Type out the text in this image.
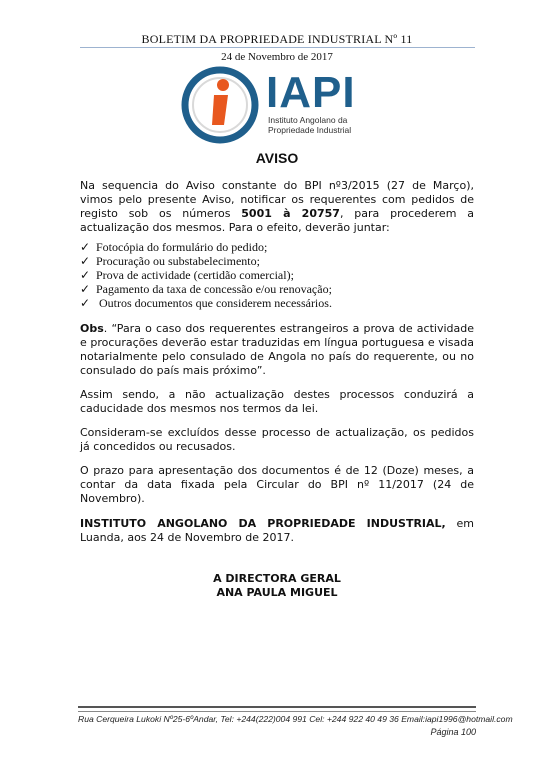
BOLETIM DA PROPRIEDADE INDUSTRIAL Nº 11
24 de Novembro de 2017
IAPI
Instituto Angolano da
Propriedade Industrial
AVISO
Na sequencia do Aviso constante do BPI nº3/2015 (27 de Março), vimos pelo presente Aviso, notificar os requerentes com pedidos de registo sob os números 5001 à 20757, para procederem a actualização dos mesmos. Para o efeito, deverão juntar:
✓ Fotocópia do formulário do pedido;
✓ Procuração ou substabelecimento;
✓ Prova de actividade (certidão comercial);
✓ Pagamento da taxa de concessão e/ou renovação;
✓ Outros documentos que considerem necessários.
Obs. “Para o caso dos requerentes estrangeiros a prova de actividade e procurações deverão estar traduzidas em língua portuguesa e visada notarialmente pelo consulado de Angola no país do requerente, ou no consulado do país mais próximo”.
Assim sendo, a não actualização destes processos conduzirá a caducidade dos mesmos nos termos da lei.
Consideram-se excluídos desse processo de actualização, os pedidos já concedidos ou recusados.
O prazo para apresentação dos documentos é de 12 (Doze) meses, a contar da data fixada pela Circular do BPI nº 11/2017 (24 de Novembro).
INSTITUTO ANGOLANO DA PROPRIEDADE INDUSTRIAL, em Luanda, aos 24 de Novembro de 2017.
A DIRECTORA GERAL
ANA PAULA MIGUEL
Rua Cerqueira Lukoki Nº25-6ºAndar, Tel: +244(222)004 991 Cel: +244 922 40 49 36 Email:iapi1996@hotmail.com
Página 100
